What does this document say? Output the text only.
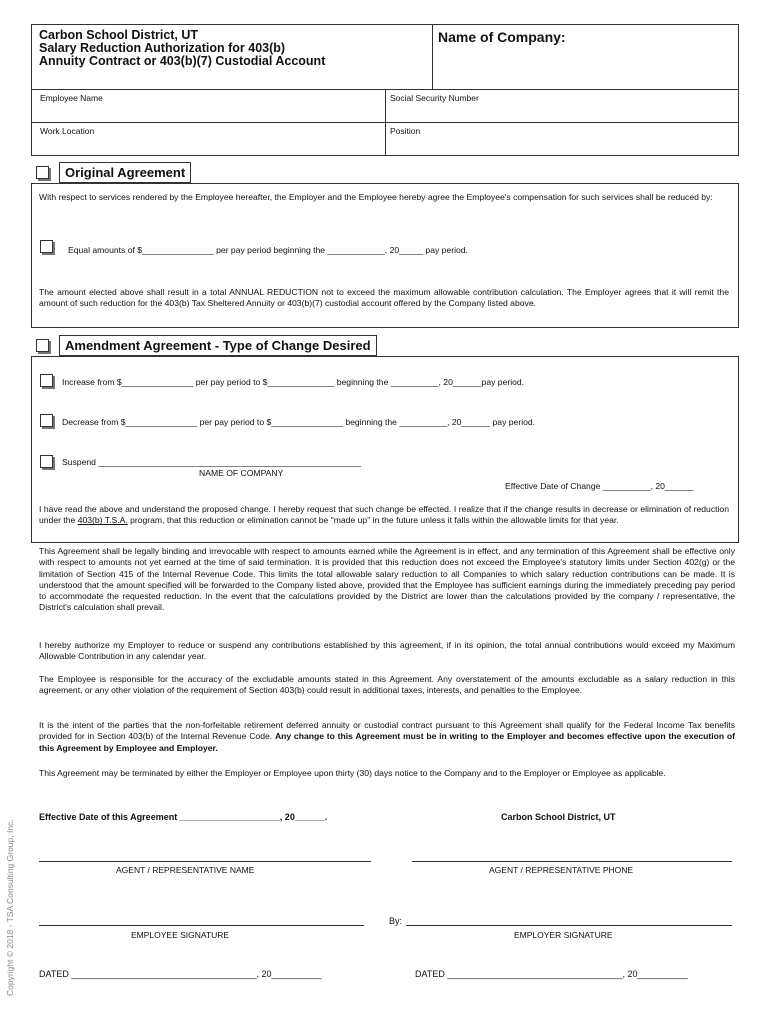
Carbon School District, UT
Salary Reduction Authorization for 403(b)
Annuity Contract or 403(b)(7) Custodial Account
Name of Company:
Employee Name	Social Security Number
Work Location	Position
Original Agreement
With respect to services rendered by the Employee hereafter, the Employer and the Employee hereby agree the Employee's compensation for such services shall be reduced by:
Equal amounts of $_______________ per pay period beginning the ____________, 20_____ pay period.
The amount elected above shall result in a total ANNUAL REDUCTION not to exceed the maximum allowable contribution calculation. The Employer agrees that it will remit the amount of such reduction for the 403(b) Tax Sheltered Annuity or 403(b)(7) custodial account offered by the Company listed above.
Amendment Agreement - Type of Change Desired
Increase from $_______________ per pay period to $______________ beginning the __________, 20______pay period.
Decrease from $_______________ per pay period to $_______________ beginning the __________, 20______ pay period.
Suspend _______________________________________________________
NAME OF COMPANY
Effective Date of Change __________, 20______
I have read the above and understand the proposed change. I hereby request that such change be effected. I realize that if the change results in decrease or elimination of reduction under the 403(b) T.S.A. program, that this reduction or elimination cannot be "made up" in the future unless it falls within the allowable limits for that year.
This Agreement shall be legally binding and irrevocable with respect to amounts earned while the Agreement is in effect, and any termination of this Agreement shall be effective only with respect to amounts not yet earned at the time of said termination. It is provided that this reduction does not exceed the Employee's statutory limits under Section 402(g) or the limitation of Section 415 of the Internal Revenue Code. This limits the total allowable salary reduction to all Companies to which salary reduction contributions can be made. It is understood that the amount specified will be forwarded to the Company listed above, provided that the Employee has sufficient earnings during the immediately preceding pay period to accommodate the requested reduction. In the event that the calculations provided by the District are lower than the calculations provided by the company / representative, the District's calculation shall prevail.
I hereby authorize my Employer to reduce or suspend any contributions established by this agreement, if in its opinion, the total annual contributions would exceed my Maximum Allowable Contribution in any calendar year.
The Employee is responsible for the accuracy of the excludable amounts stated in this Agreement. Any overstatement of the amounts excludable as a salary reduction in this agreement, or any other violation of the requirement of Section 403(b) could result in additional taxes, interests, and penalties to the Employee.
It is the intent of the parties that the non-forfeitable retirement deferred annuity or custodial contract pursuant to this Agreement shall qualify for the Federal Income Tax benefits provided for in Section 403(b) of the Internal Revenue Code. Any change to this Agreement must be in writing to the Employer and becomes effective upon the execution of this Agreement by Employee and Employer.
This Agreement may be terminated by either the Employer or Employee upon thirty (30) days notice to the Company and to the Employer or Employee as applicable.
Effective Date of this Agreement ____________________, 20______.	Carbon School District, UT
AGENT / REPRESENTATIVE NAME	AGENT / REPRESENTATIVE PHONE
EMPLOYEE SIGNATURE
By:
EMPLOYER SIGNATURE
DATED _____________________________________, 20__________	DATED ___________________________________, 20__________
Copyright © 2018 - TSA Consulting Group, Inc.
